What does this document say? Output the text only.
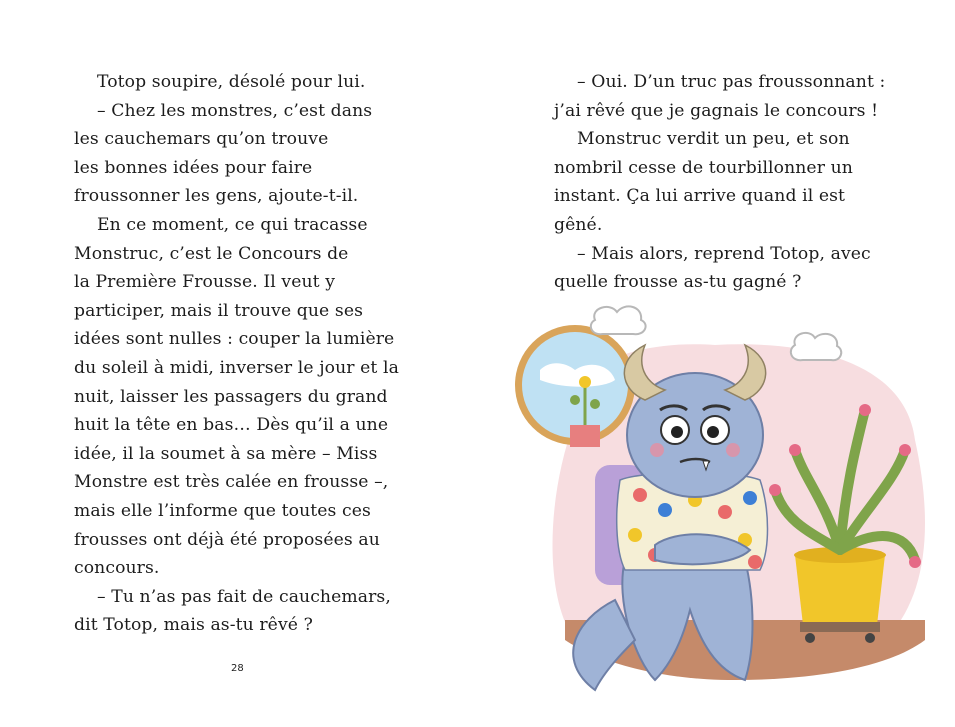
Totop soupire, désolé pour lui.
– Chez les monstres, c’est dans
les cauchemars qu’on trouve
les bonnes idées pour faire
froussonner les gens, ajoute-t-il.
En ce moment, ce qui tracasse
Monstruc, c’est le Concours de
la Première Frousse. Il veut y
participer, mais il trouve que ses
idées sont nulles : couper la lumière
du soleil à midi, inverser le jour et la
nuit, laisser les passagers du grand
huit la tête en bas… Dès qu’il a une
idée, il la soumet à sa mère – Miss
Monstre est très calée en frousse –,
mais elle l’informe que toutes ces
frousses ont déjà été proposées au
concours.
– Tu n’as pas fait de cauchemars,
dit Totop, mais as-tu rêvé ?
– Oui. D’un truc pas froussonnant :
j’ai rêvé que je gagnais le concours !
Monstruc verdit un peu, et son
nombril cesse de tourbillonner un
instant. Ça lui arrive quand il est
gêné.
– Mais alors, reprend Totop, avec
quelle frousse as-tu gagné ?
28
